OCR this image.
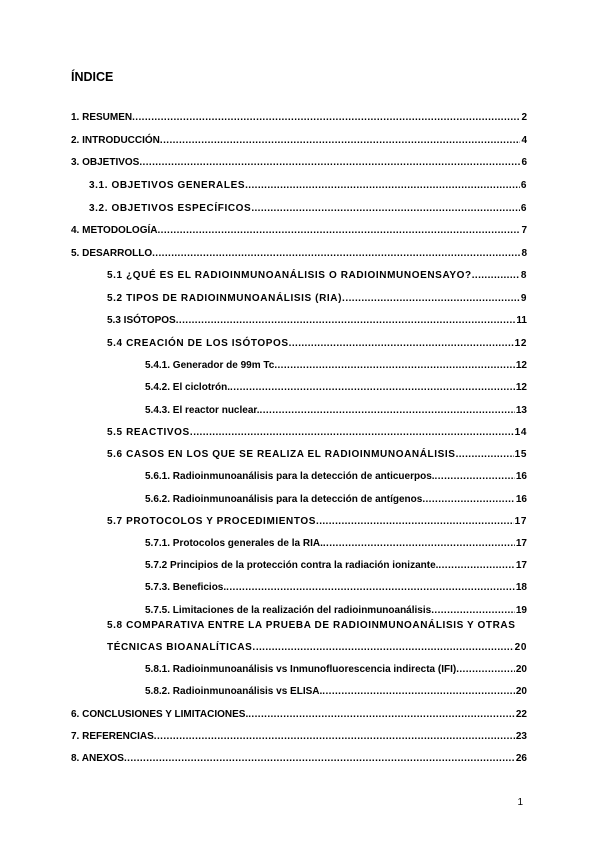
ÍNDICE
1. RESUMEN .....	2
2. INTRODUCCIÓN .....	4
3. OBJETIVOS .....	6
3.1. OBJETIVOS GENERALES .....	6
3.2. OBJETIVOS ESPECÍFICOS .....	6
4. METODOLOGÍA .....	7
5. DESARROLLO .....	8
5.1 ¿QUÉ ES EL RADIOINMUNOANÁLISIS O RADIOINMUNOENSAYO? .....	8
5.2 TIPOS DE RADIOINMUNOANÁLISIS (RIA). .....	9
5.3 ISÓTOPOS .....	11
5.4 CREACIÓN DE LOS ISÓTOPOS .....	12
5.4.1. Generador de 99m Tc .....	12
5.4.2. El ciclotrón. .....	12
5.4.3. El reactor nuclear. .....	13
5.5 REACTIVOS. .....	14
5.6 CASOS EN LOS QUE SE REALIZA EL RADIOINMUNOANÁLISIS .....	15
5.6.1. Radioinmunoanálisis para la detección de anticuerpos. .....	16
5.6.2. Radioinmunoanálisis para la detección de antígenos .....	16
5.7 PROTOCOLOS Y PROCEDIMIENTOS .....	17
5.7.1. Protocolos generales de la RIA. .....	17
5.7.2 Principios de la protección contra la radiación ionizante. .....	17
5.7.3. Beneficios. .....	18
5.7.5. Limitaciones de la realización del radioinmunoanálisis .....	19
5.8 COMPARATIVA ENTRE LA PRUEBA DE RADIOINMUNOANÁLISIS Y OTRAS
TÉCNICAS BIOANALÍTICAS. .....	20
5.8.1. Radioinmunoanálisis vs Inmunofluorescencia indirecta (IFI) .....	20
5.8.2. Radioinmunoanálisis vs ELISA. .....	20
6. CONCLUSIONES Y LIMITACIONES. .....	22
7. REFERENCIAS .....	23
8. ANEXOS .....	26
1
